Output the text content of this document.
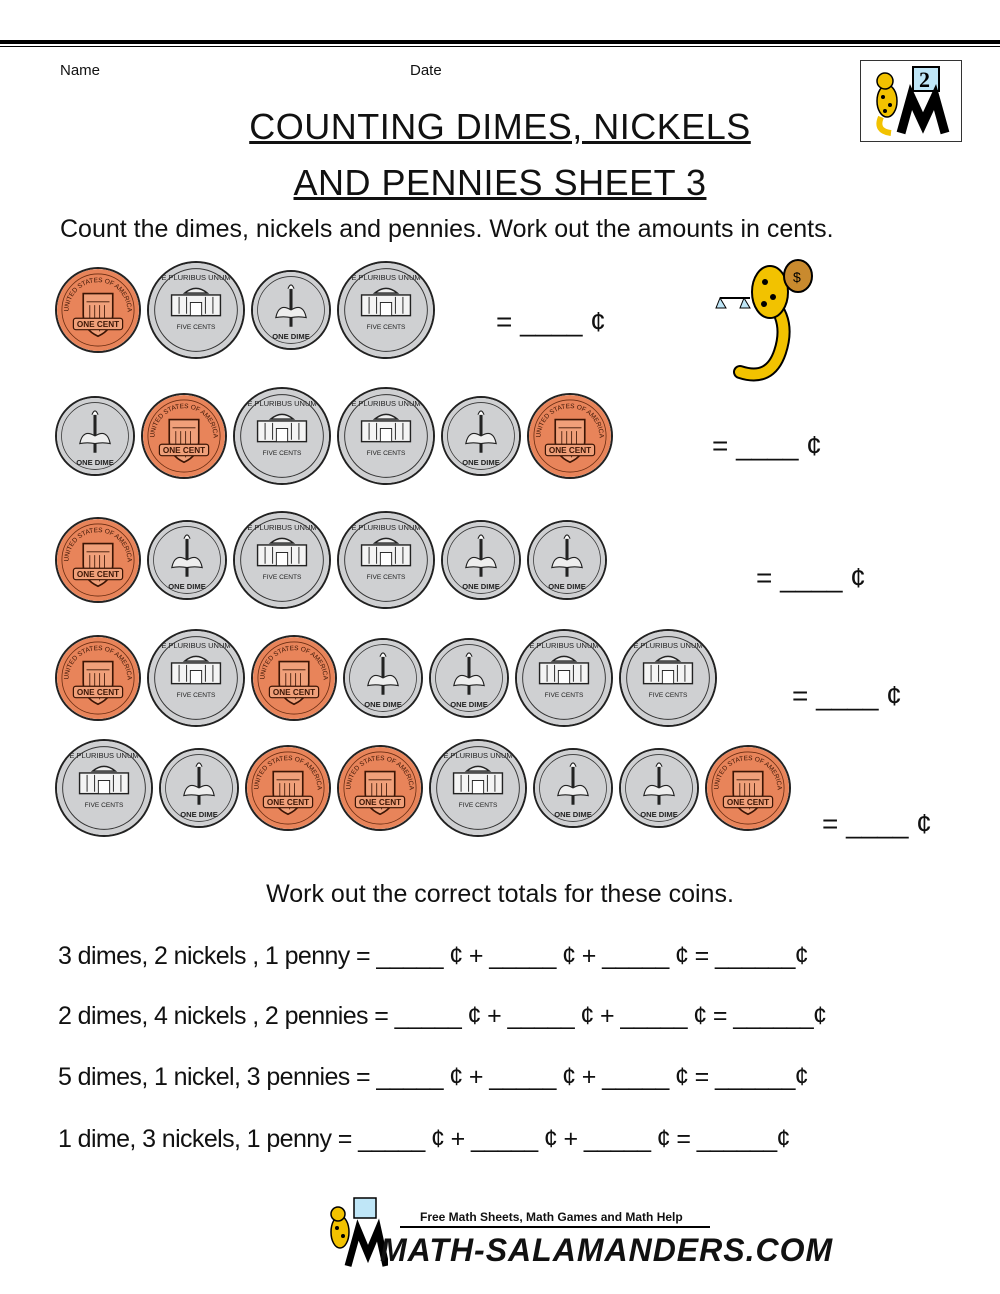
Name	Date	2
COUNTING DIMES, NICKELS
AND PENNIES SHEET 3
Count the dimes, nickels and pennies. Work out the amounts in cents.
$
UNITED STATES OF AMERICA
ONE CENT
E PLURIBUS UNUM
FIVE CENTS
ONE DIME
E PLURIBUS UNUM
FIVE CENTS	= ____ ¢
ONE DIME
UNITED STATES OF AMERICA
ONE CENT
E PLURIBUS UNUM
FIVE CENTS
E PLURIBUS UNUM
FIVE CENTS
ONE DIME
UNITED STATES OF AMERICA
ONE CENT	= ____ ¢
UNITED STATES OF AMERICA
ONE CENT
ONE DIME
E PLURIBUS UNUM
FIVE CENTS
E PLURIBUS UNUM
FIVE CENTS
ONE DIME	ONE DIME	= ____ ¢
UNITED STATES OF AMERICA
ONE CENT
E PLURIBUS UNUM
FIVE CENTS
UNITED STATES OF AMERICA
ONE CENT
ONE DIME	ONE DIME
E PLURIBUS UNUM
FIVE CENTS
E PLURIBUS UNUM
FIVE CENTS	= ____ ¢
E PLURIBUS UNUM
FIVE CENTS
ONE DIME
UNITED STATES OF AMERICA
ONE CENT
UNITED STATES OF AMERICA
ONE CENT
E PLURIBUS UNUM
FIVE CENTS
ONE DIME	ONE DIME
UNITED STATES OF AMERICA
ONE CENT
= ____ ¢
Work out the correct totals for these coins.
3 dimes, 2 nickels , 1 penny = _____ ¢ + _____ ¢ + _____ ¢ = ______¢
2 dimes, 4 nickels , 2 pennies = _____ ¢ + _____ ¢ + _____ ¢ = ______¢
5 dimes, 1 nickel, 3 pennies = _____ ¢ + _____ ¢ + _____ ¢ = ______¢
1 dime, 3 nickels, 1 penny = _____ ¢ + _____ ¢ + _____ ¢ = ______¢
Free Math Sheets, Math Games and Math Help
MATH-SALAMANDERS.COM
